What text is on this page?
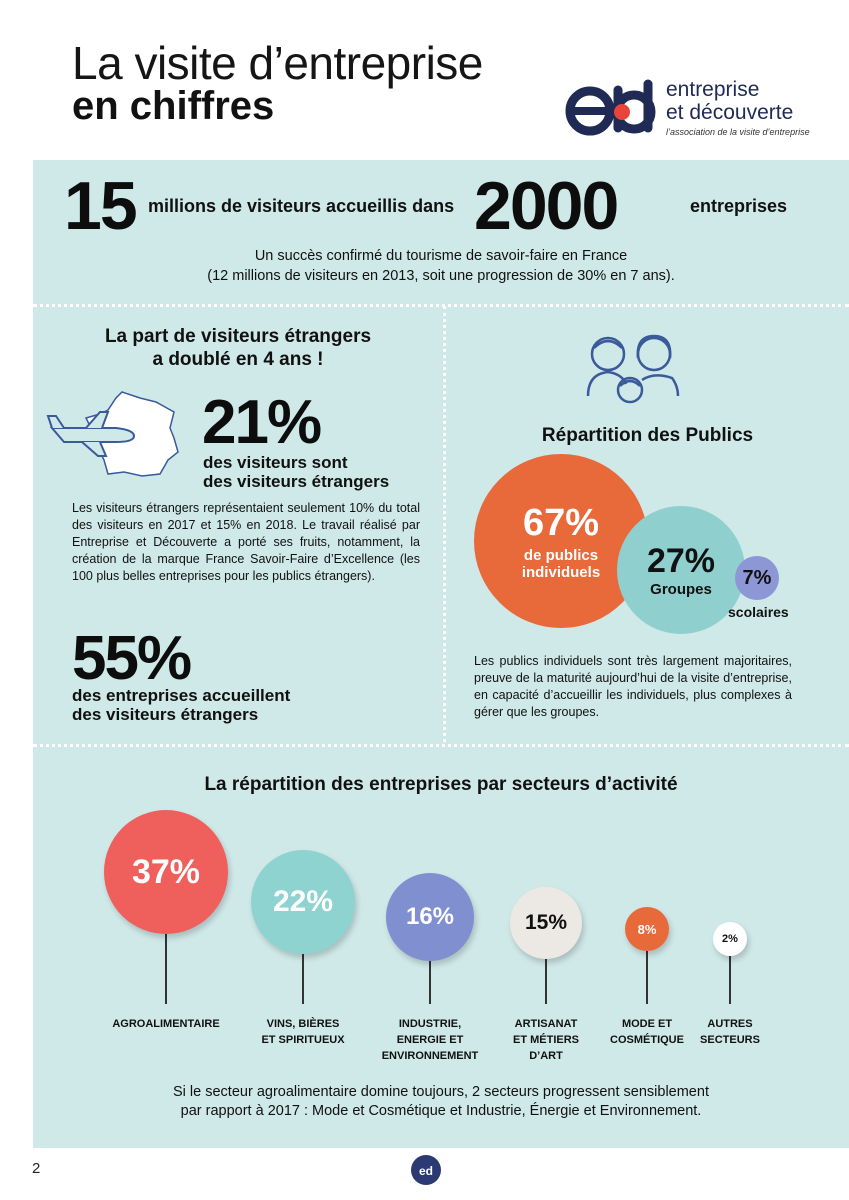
La visite d’entreprise
en chiffres	entreprise
et découverte
l’association de la visite d’entreprise
15 millions de visiteurs accueillis dans 2000	entreprises
Un succès confirmé du tourisme de savoir-faire en France
(12 millions de visiteurs en 2013, soit une progression de 30% en 7 ans).
La part de visiteurs étrangers
a doublé en 4 ans !
21%
des visiteurs sont
des visiteurs étrangers
Les visiteurs étrangers représentaient seulement 10% du total des visiteurs en 2017 et 15% en 2018. Le travail réalisé par Entreprise et Découverte a porté ses fruits, notamment, la création de la marque France Savoir-Faire d’Excellence (les 100 plus belles entreprises pour les publics étrangers).
55%
des entreprises accueillent
des visiteurs étrangers
Répartition des Publics
67%
de publics
individuels 27%
Groupes
7%
scolaires
Les publics individuels sont très largement majoritaires, preuve de la maturité aujourd’hui de la visite d’entreprise, en capacité d’accueillir les individuels, plus complexes à gérer que les groupes.
La répartition des entreprises par secteurs d’activité
37%
AGROALIMENTAIRE
22%
VINS, BIÈRES
ET SPIRITUEUX
16%
INDUSTRIE,
ENERGIE ET
ENVIRONNEMENT
15%
ARTISANAT
ET MÉTIERS
D’ART
8%
MODE ET
COSMÉTIQUE
2%
AUTRES
SECTEURS
Si le secteur agroalimentaire domine toujours, 2 secteurs progressent sensiblement
par rapport à 2017 : Mode et Cosmétique et Industrie, Énergie et Environnement.
2	ed
